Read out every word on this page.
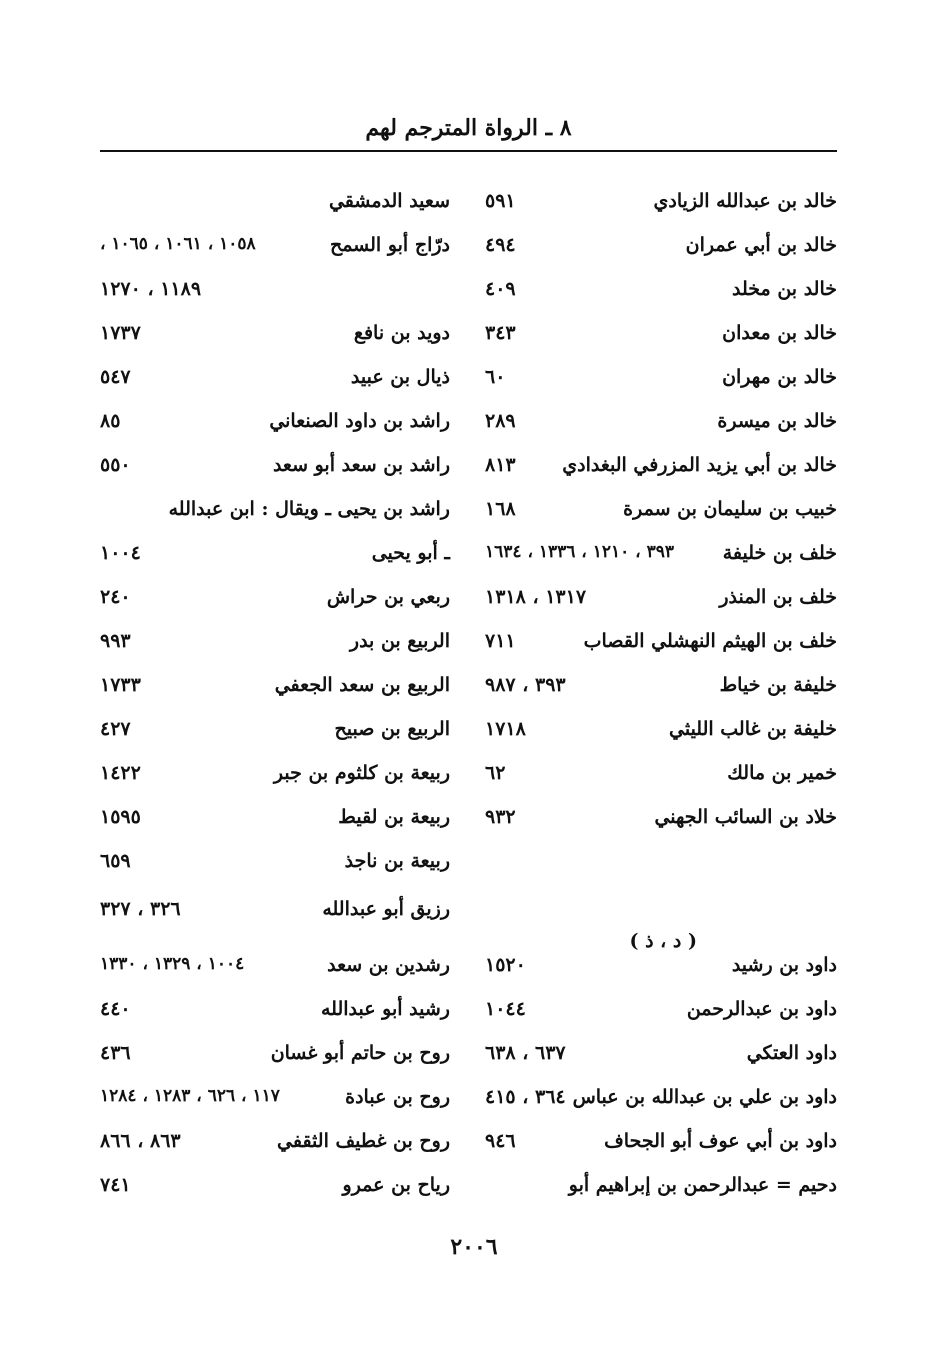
٨ ـ الرواة المترجم لهم
خالد بن عبدالله الزيادي
٥٩١
خالد بن أبي عمران
٤٩٤
خالد بن مخلد
٤٠٩
خالد بن معدان
٣٤٣
خالد بن مهران
٦٠
خالد بن ميسرة
٢٨٩
خالد بن أبي يزيد المزرفي البغدادي
٨١٣
خبيب بن سليمان بن سمرة
١٦٨
خلف بن خليفة
٣٩٣ ، ١٢١٠ ، ١٣٣٦ ، ١٦٣٤
خلف بن المنذر
١٣١٧ ، ١٣١٨
خلف بن الهيثم النهشلي القصاب
٧١١
خليفة بن خياط
٣٩٣ ، ٩٨٧
خليفة بن غالب الليثي
١٧١٨
خمير بن مالك
٦٢
خلاد بن السائب الجهني
٩٣٢
( د ، ذ )
داود بن رشيد
١٥٢٠
داود بن عبدالرحمن
١٠٤٤
داود العتكي
٦٣٧ ، ٦٣٨
داود بن علي بن عبدالله بن عباس
٣٦٤ ، ٤١٥
داود بن أبي عوف أبو الجحاف
٩٤٦
دحيم = عبدالرحمن بن إبراهيم أبو
سعيد الدمشقي
درّاج أبو السمح
١٠٥٨ ، ١٠٦١ ، ١٠٦٥ ،
١١٨٩ ، ١٢٧٠
دويد بن نافع
١٧٣٧
ذيال بن عبيد
٥٤٧
راشد بن داود الصنعاني
٨٥
راشد بن سعد أبو سعد
٥٥٠
راشد بن يحيى ـ ويقال : ابن عبدالله
ـ أبو يحيى
١٠٠٤
ربعي بن حراش
٢٤٠
الربيع بن بدر
٩٩٣
الربيع بن سعد الجعفي
١٧٣٣
الربيع بن صبيح
٤٢٧
ربيعة بن كلثوم بن جبر
١٤٢٢
ربيعة بن لقيط
١٥٩٥
ربيعة بن ناجذ
٦٥٩
رزيق أبو عبدالله
٣٢٦ ، ٣٢٧
رشدين بن سعد
١٠٠٤ ، ١٣٢٩ ، ١٣٣٠
رشيد أبو عبدالله
٤٤٠
روح بن حاتم أبو غسان
٤٣٦
روح بن عبادة
١١٧ ، ٦٢٦ ، ١٢٨٣ ، ١٢٨٤
روح بن غطيف الثقفي
٨٦٣ ، ٨٦٦
رياح بن عمرو
٧٤١
٢٠٠٦
